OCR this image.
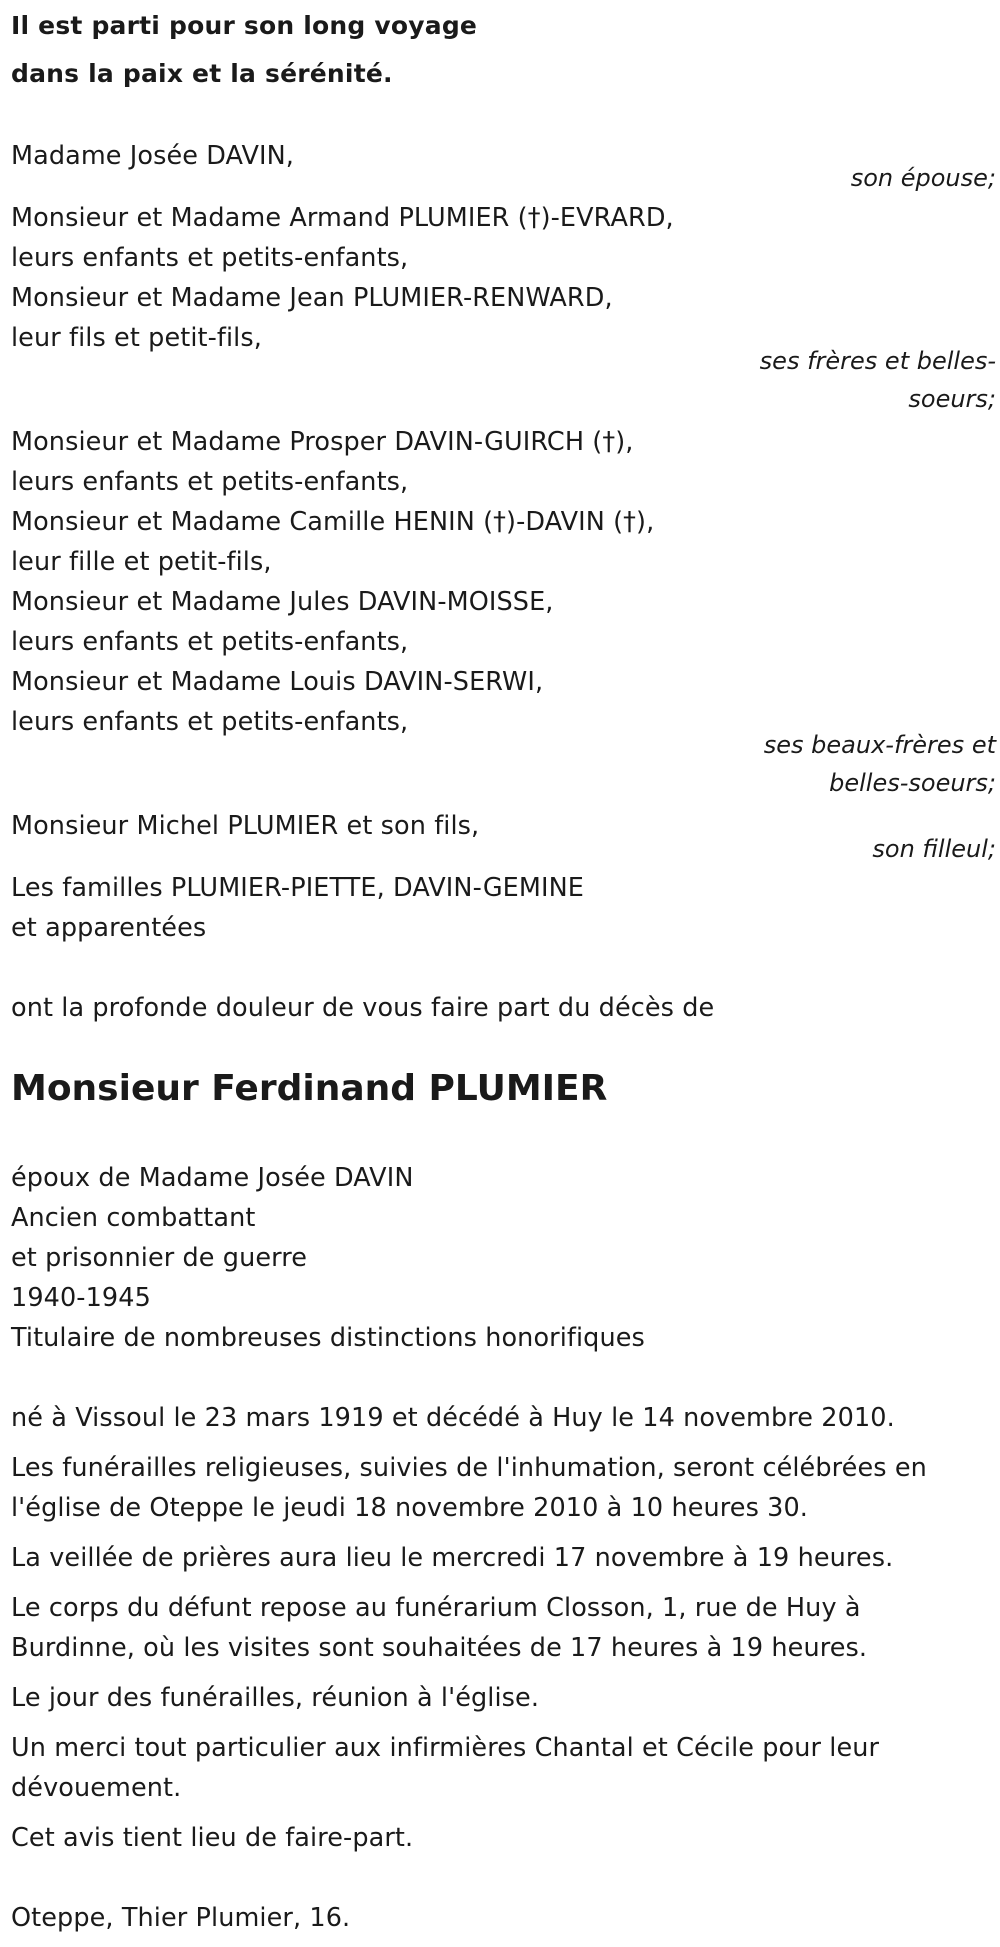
Il est parti pour son long voyage
dans la paix et la sérénité.
Madame Josée DAVIN,
son épouse;
Monsieur et Madame Armand PLUMIER (†)-EVRARD,
leurs enfants et petits-enfants,
Monsieur et Madame Jean PLUMIER-RENWARD,
leur fils et petit-fils,
ses frères et belles-soeurs;
Monsieur et Madame Prosper DAVIN-GUIRCH (†),
leurs enfants et petits-enfants,
Monsieur et Madame Camille HENIN (†)-DAVIN (†),
leur fille et petit-fils,
Monsieur et Madame Jules DAVIN-MOISSE,
leurs enfants et petits-enfants,
Monsieur et Madame Louis DAVIN-SERWI,
leurs enfants et petits-enfants,
ses beaux-frères et belles-soeurs;
Monsieur Michel PLUMIER et son fils,
son filleul;
Les familles PLUMIER-PIETTE, DAVIN-GEMINE
et apparentées
ont la profonde douleur de vous faire part du décès de
Monsieur Ferdinand PLUMIER
époux de Madame Josée DAVIN
Ancien combattant
et prisonnier de guerre
1940-1945
Titulaire de nombreuses distinctions honorifiques
né à Vissoul le 23 mars 1919 et décédé à Huy le 14 novembre 2010.
Les funérailles religieuses, suivies de l'inhumation, seront célébrées en l'église de Oteppe le jeudi 18 novembre 2010 à 10 heures 30.
La veillée de prières aura lieu le mercredi 17 novembre à 19 heures.
Le corps du défunt repose au funérarium Closson, 1, rue de Huy à Burdinne, où les visites sont souhaitées de 17 heures à 19 heures.
Le jour des funérailles, réunion à l'église.
Un merci tout particulier aux infirmières Chantal et Cécile pour leur dévouement.
Cet avis tient lieu de faire-part.
Oteppe, Thier Plumier, 16.
